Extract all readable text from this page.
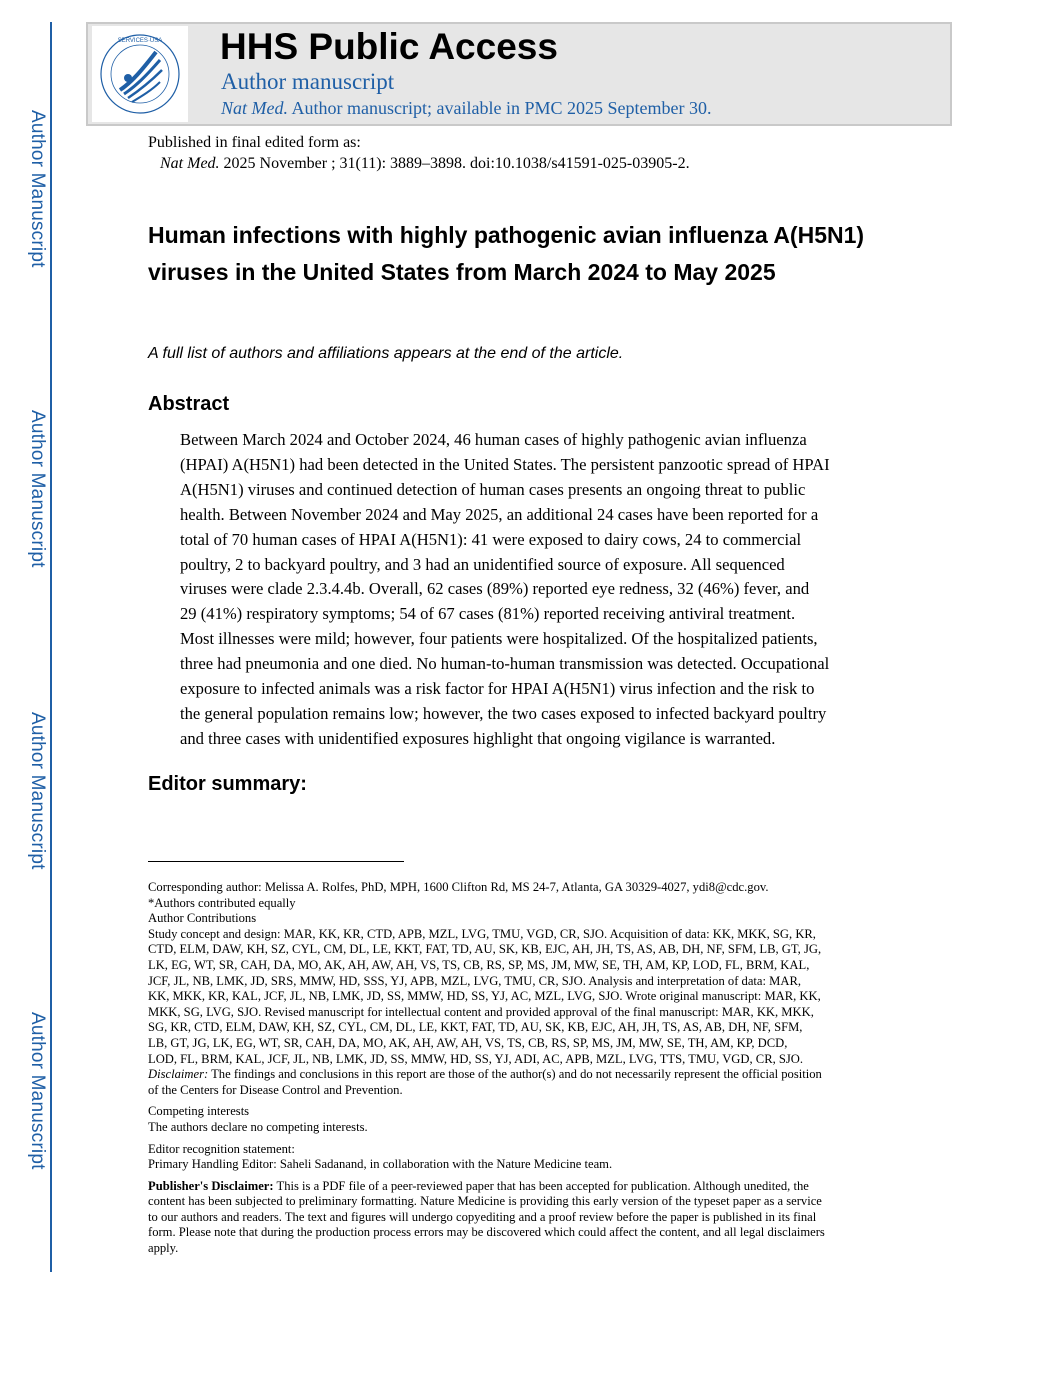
Author Manuscript
Author Manuscript
Author Manuscript
Author Manuscript
SERVICES·USA HHS Public Access
Author manuscript
Nat Med. Author manuscript; available in PMC 2025 September 30.
Published in final edited form as:
Nat Med. 2025 November ; 31(11): 3889–3898. doi:10.1038/s41591-025-03905-2.
Human infections with highly pathogenic avian influenza A(H5N1) viruses in the United States from March 2024 to May 2025
A full list of authors and affiliations appears at the end of the article.
Abstract
Between March 2024 and October 2024, 46 human cases of highly pathogenic avian influenza
(HPAI) A(H5N1) had been detected in the United States. The persistent panzootic spread of HPAI
A(H5N1) viruses and continued detection of human cases presents an ongoing threat to public
health. Between November 2024 and May 2025, an additional 24 cases have been reported for a
total of 70 human cases of HPAI A(H5N1): 41 were exposed to dairy cows, 24 to commercial
poultry, 2 to backyard poultry, and 3 had an unidentified source of exposure. All sequenced
viruses were clade 2.3.4.4b. Overall, 62 cases (89%) reported eye redness, 32 (46%) fever, and
29 (41%) respiratory symptoms; 54 of 67 cases (81%) reported receiving antiviral treatment.
Most illnesses were mild; however, four patients were hospitalized. Of the hospitalized patients,
three had pneumonia and one died. No human-to-human transmission was detected. Occupational
exposure to infected animals was a risk factor for HPAI A(H5N1) virus infection and the risk to
the general population remains low; however, the two cases exposed to infected backyard poultry
and three cases with unidentified exposures highlight that ongoing vigilance is warranted.
Editor summary:
Corresponding author: Melissa A. Rolfes, PhD, MPH, 1600 Clifton Rd, MS 24-7, Atlanta, GA 30329-4027, ydi8@cdc.gov.
*Authors contributed equally
Author Contributions
Study concept and design: MAR, KK, KR, CTD, APB, MZL, LVG, TMU, VGD, CR, SJO. Acquisition of data: KK, MKK, SG, KR,
CTD, ELM, DAW, KH, SZ, CYL, CM, DL, LE, KKT, FAT, TD, AU, SK, KB, EJC, AH, JH, TS, AS, AB, DH, NF, SFM, LB, GT, JG,
LK, EG, WT, SR, CAH, DA, MO, AK, AH, AW, AH, VS, TS, CB, RS, SP, MS, JM, MW, SE, TH, AM, KP, LOD, FL, BRM, KAL,
JCF, JL, NB, LMK, JD, SRS, MMW, HD, SSS, YJ, APB, MZL, LVG, TMU, CR, SJO. Analysis and interpretation of data: MAR,
KK, MKK, KR, KAL, JCF, JL, NB, LMK, JD, SS, MMW, HD, SS, YJ, AC, MZL, LVG, SJO. Wrote original manuscript: MAR, KK,
MKK, SG, LVG, SJO. Revised manuscript for intellectual content and provided approval of the final manuscript: MAR, KK, MKK,
SG, KR, CTD, ELM, DAW, KH, SZ, CYL, CM, DL, LE, KKT, FAT, TD, AU, SK, KB, EJC, AH, JH, TS, AS, AB, DH, NF, SFM,
LB, GT, JG, LK, EG, WT, SR, CAH, DA, MO, AK, AH, AW, AH, VS, TS, CB, RS, SP, MS, JM, MW, SE, TH, AM, KP, DCD,
LOD, FL, BRM, KAL, JCF, JL, NB, LMK, JD, SS, MMW, HD, SS, YJ, ADI, AC, APB, MZL, LVG, TTS, TMU, VGD, CR, SJO.
Disclaimer: The findings and conclusions in this report are those of the author(s) and do not necessarily represent the official position
of the Centers for Disease Control and Prevention.
Competing interests
The authors declare no competing interests.
Editor recognition statement:
Primary Handling Editor: Saheli Sadanand, in collaboration with the Nature Medicine team.
Publisher's Disclaimer: This is a PDF file of a peer-reviewed paper that has been accepted for publication. Although unedited, the
content has been subjected to preliminary formatting. Nature Medicine is providing this early version of the typeset paper as a service
to our authors and readers. The text and figures will undergo copyediting and a proof review before the paper is published in its final
form. Please note that during the production process errors may be discovered which could affect the content, and all legal disclaimers
apply.
